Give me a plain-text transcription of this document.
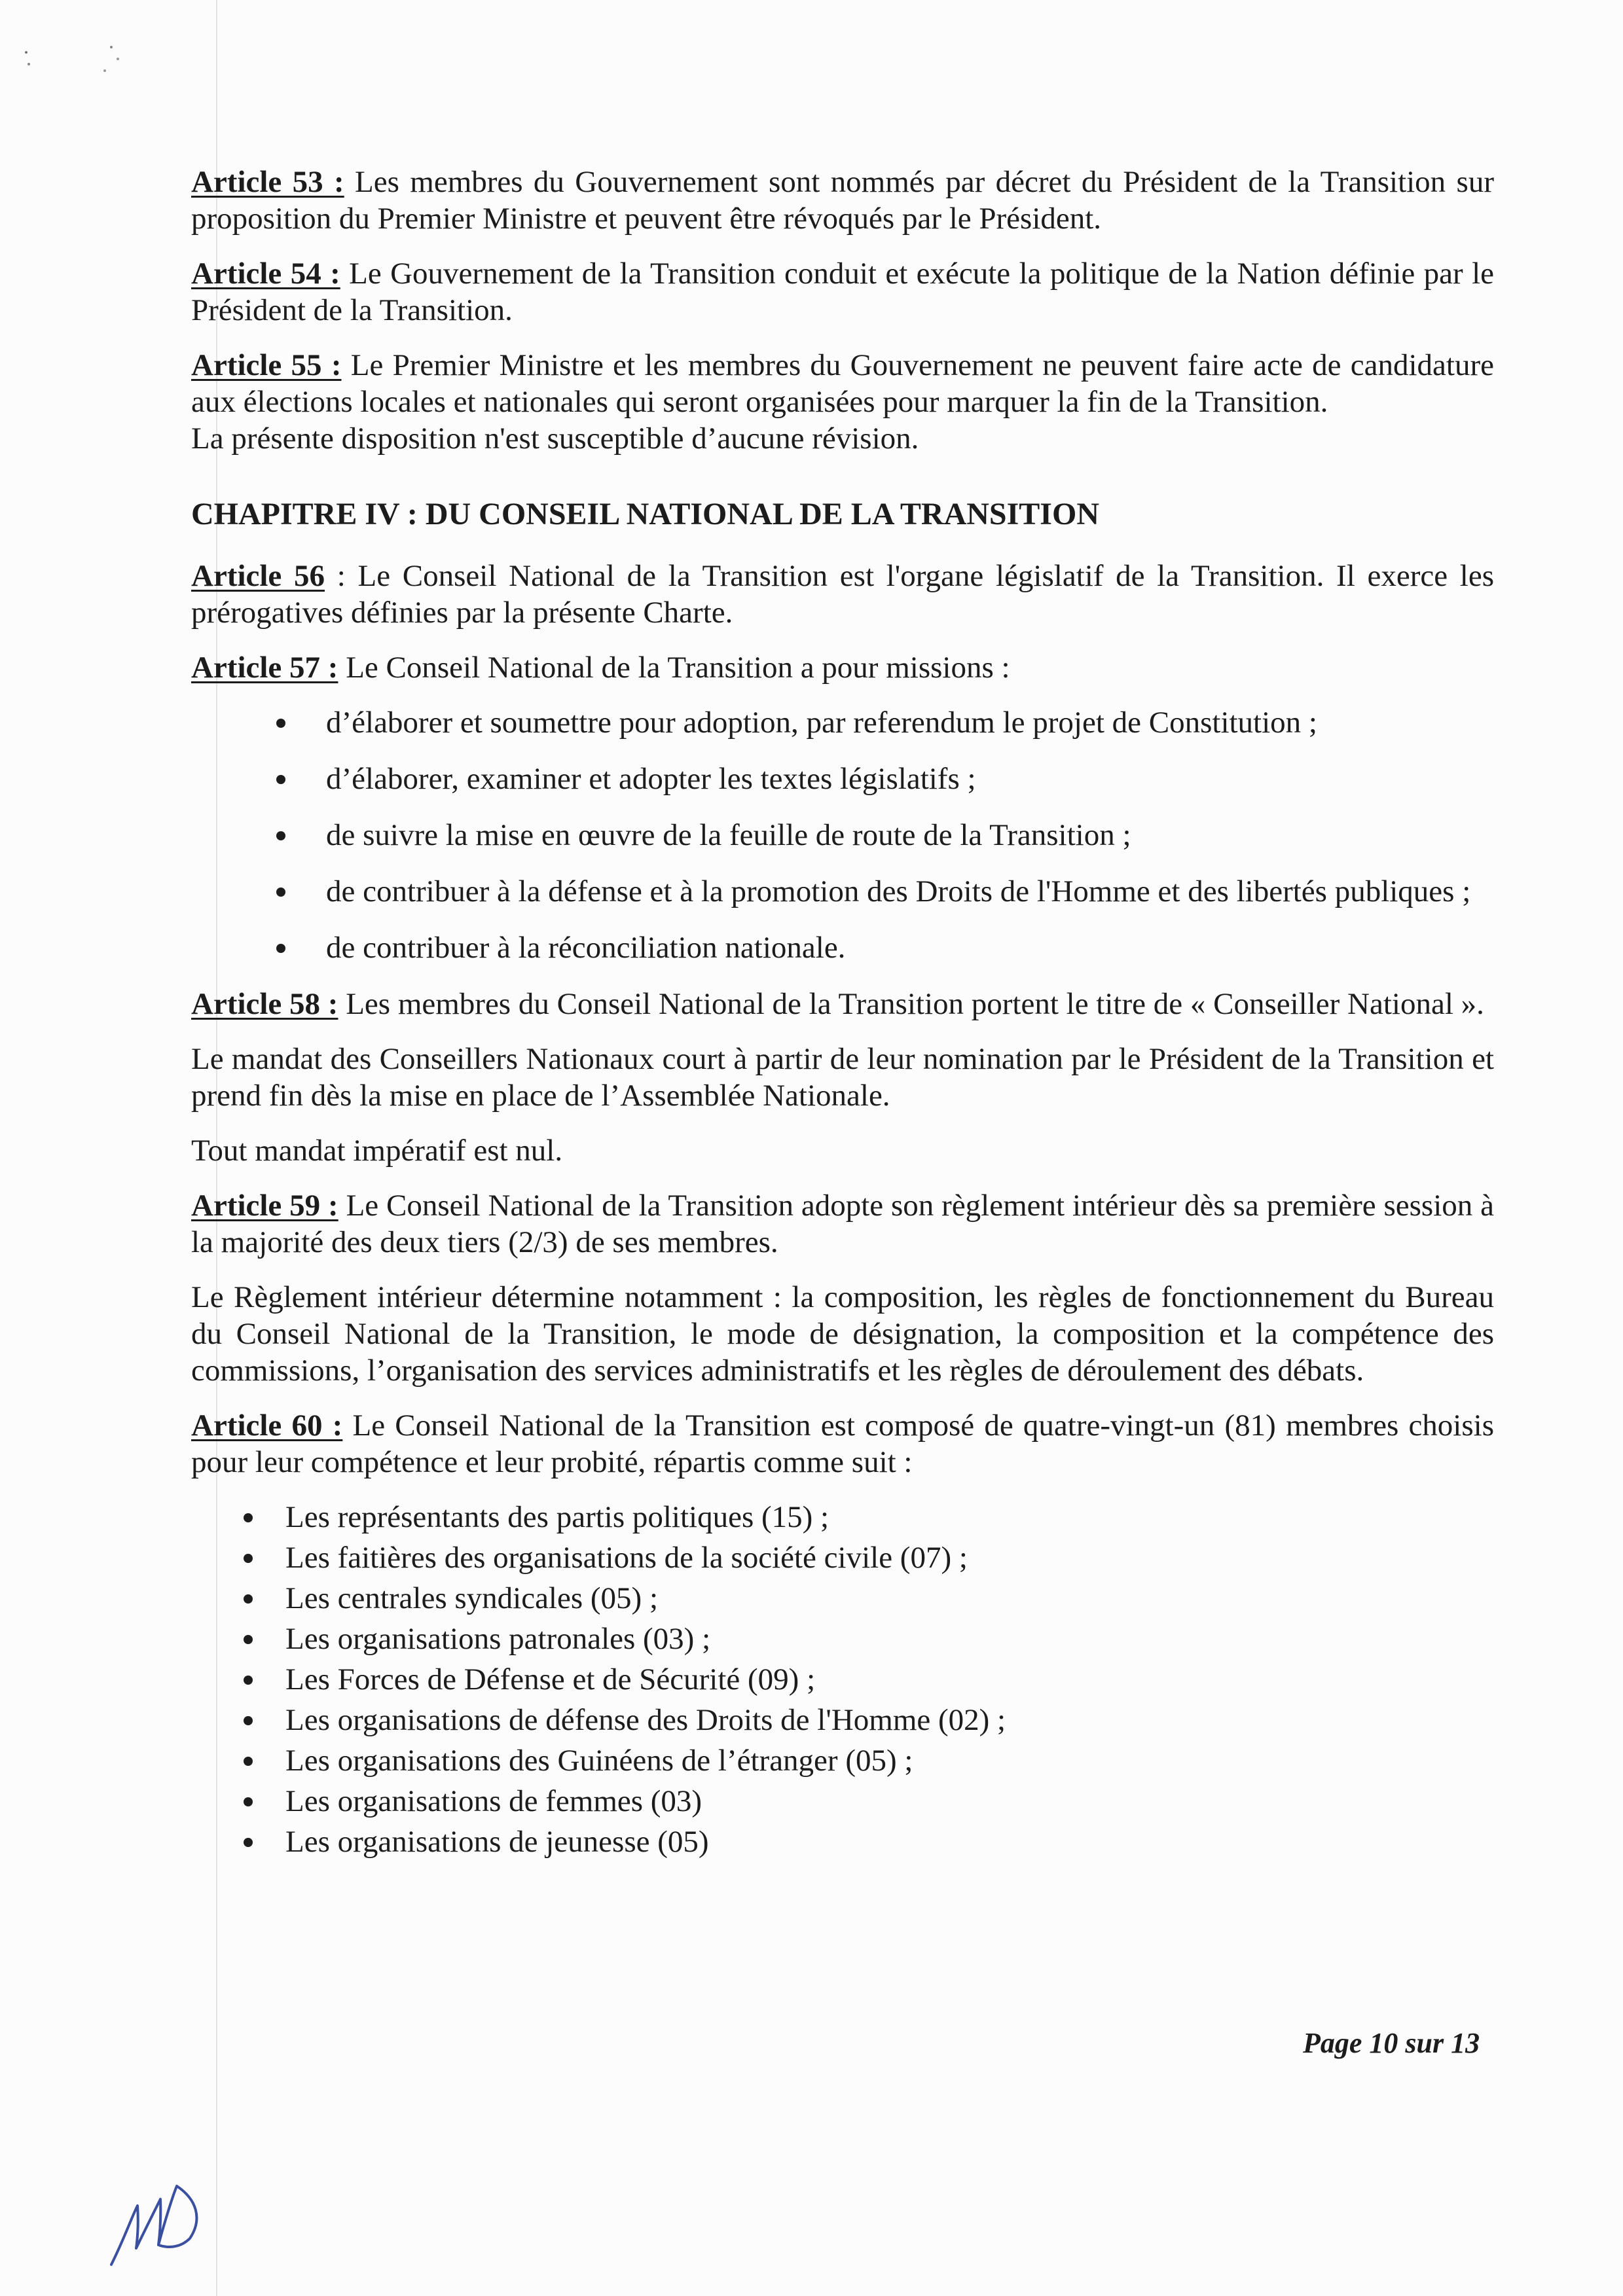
Article 53 : Les membres du Gouvernement sont nommés par décret du Président de la Transition sur proposition du Premier Ministre et peuvent être révoqués par le Président.

Article 54 : Le Gouvernement de la Transition conduit et exécute la politique de la Nation définie par le Président de la Transition.

Article 55 : Le Premier Ministre et les membres du Gouvernement ne peuvent faire acte de candidature aux élections locales et nationales qui seront organisées pour marquer la fin de la Transition.

La présente disposition n'est susceptible d’aucune révision.

CHAPITRE IV : DU CONSEIL NATIONAL DE LA TRANSITION

Article 56 : Le Conseil National de la Transition est l'organe législatif de la Transition. Il exerce les prérogatives définies par la présente Charte.

Article 57 : Le Conseil National de la Transition a pour missions :

d’élaborer et soumettre pour adoption, par referendum le projet de Constitution ;
d’élaborer, examiner et adopter les textes législatifs ;
de suivre la mise en œuvre de la feuille de route de la Transition ;
de contribuer à la défense et à la promotion des Droits de l'Homme et des libertés publiques ;
de contribuer à la réconciliation nationale.

Article 58 : Les membres du Conseil National de la Transition portent le titre de « Conseiller National ».

Le mandat des Conseillers Nationaux court à partir de leur nomination par le Président de la Transition et prend fin dès la mise en place de l’Assemblée Nationale.

Tout mandat impératif est nul.

Article 59 : Le Conseil National de la Transition adopte son règlement intérieur dès sa première session à la majorité des deux tiers (2/3) de ses membres.

Le Règlement intérieur détermine notamment : la composition, les règles de fonctionnement du Bureau du Conseil National de la Transition, le mode de désignation, la composition et la compétence des commissions, l’organisation des services administratifs et les règles de déroulement des débats.

Article 60 : Le Conseil National de la Transition est composé de quatre-vingt-un (81) membres choisis pour leur compétence et leur probité, répartis comme suit :

Les représentants des partis politiques (15) ;
Les faitières des organisations de la société civile (07) ;
Les centrales syndicales (05) ;
Les organisations patronales (03) ;
Les Forces de Défense et de Sécurité (09) ;
Les organisations de défense des Droits de l'Homme (02) ;
Les organisations des Guinéens de l’étranger (05) ;
Les organisations de femmes (03)
Les organisations de jeunesse (05)
Page 10 sur 13
